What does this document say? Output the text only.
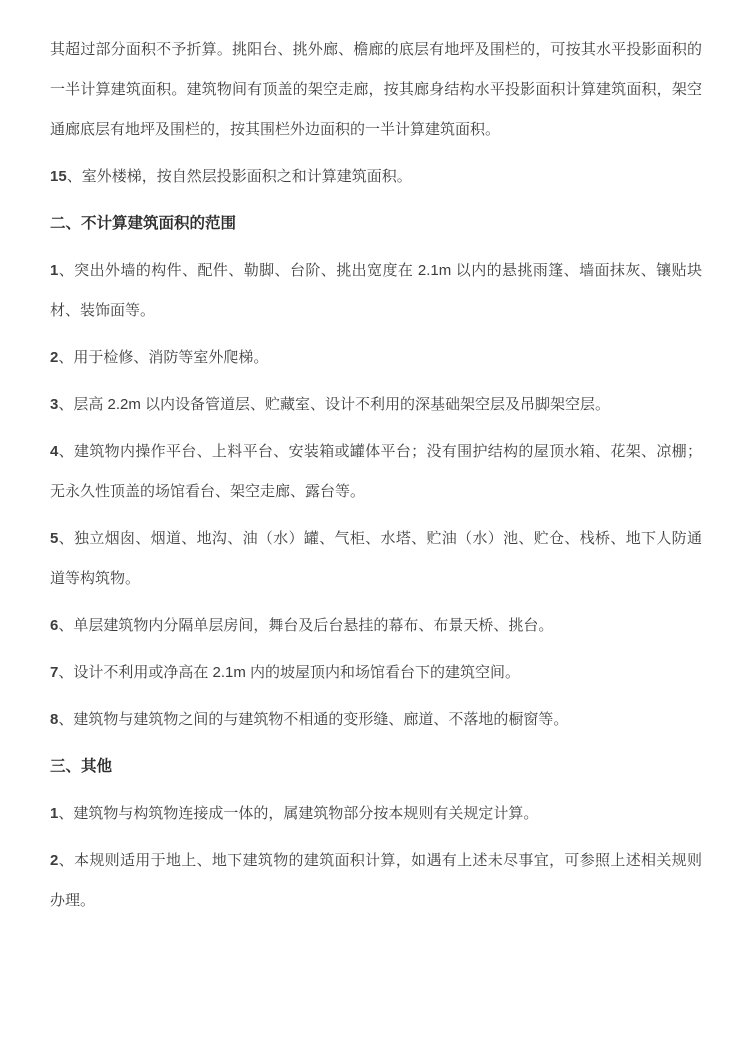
其超过部分面积不予折算。挑阳台、挑外廊、檐廊的底层有地坪及围栏的，可按其水平投影面积的一半计算建筑面积。建筑物间有顶盖的架空走廊，按其廊身结构水平投影面积计算建筑面积，架空通廊底层有地坪及围栏的，按其围栏外边面积的一半计算建筑面积。

15、室外楼梯，按自然层投影面积之和计算建筑面积。

二、不计算建筑面积的范围

1、突出外墙的构件、配件、勒脚、台阶、挑出宽度在 2.1m 以内的悬挑雨篷、墙面抹灰、镶贴块材、装饰面等。

2、用于检修、消防等室外爬梯。

3、层高 2.2m 以内设备管道层、贮藏室、设计不利用的深基础架空层及吊脚架空层。

4、建筑物内操作平台、上料平台、安装箱或罐体平台；没有围护结构的屋顶水箱、花架、凉棚；无永久性顶盖的场馆看台、架空走廊、露台等。

5、独立烟囱、烟道、地沟、油（水）罐、气柜、水塔、贮油（水）池、贮仓、栈桥、地下人防通道等构筑物。

6、单层建筑物内分隔单层房间，舞台及后台悬挂的幕布、布景天桥、挑台。

7、设计不利用或净高在 2.1m 内的坡屋顶内和场馆看台下的建筑空间。

8、建筑物与建筑物之间的与建筑物不相通的变形缝、廊道、不落地的橱窗等。

三、其他

1、建筑物与构筑物连接成一体的，属建筑物部分按本规则有关规定计算。

2、本规则适用于地上、地下建筑物的建筑面积计算，如遇有上述未尽事宜，可参照上述相关规则办理。
